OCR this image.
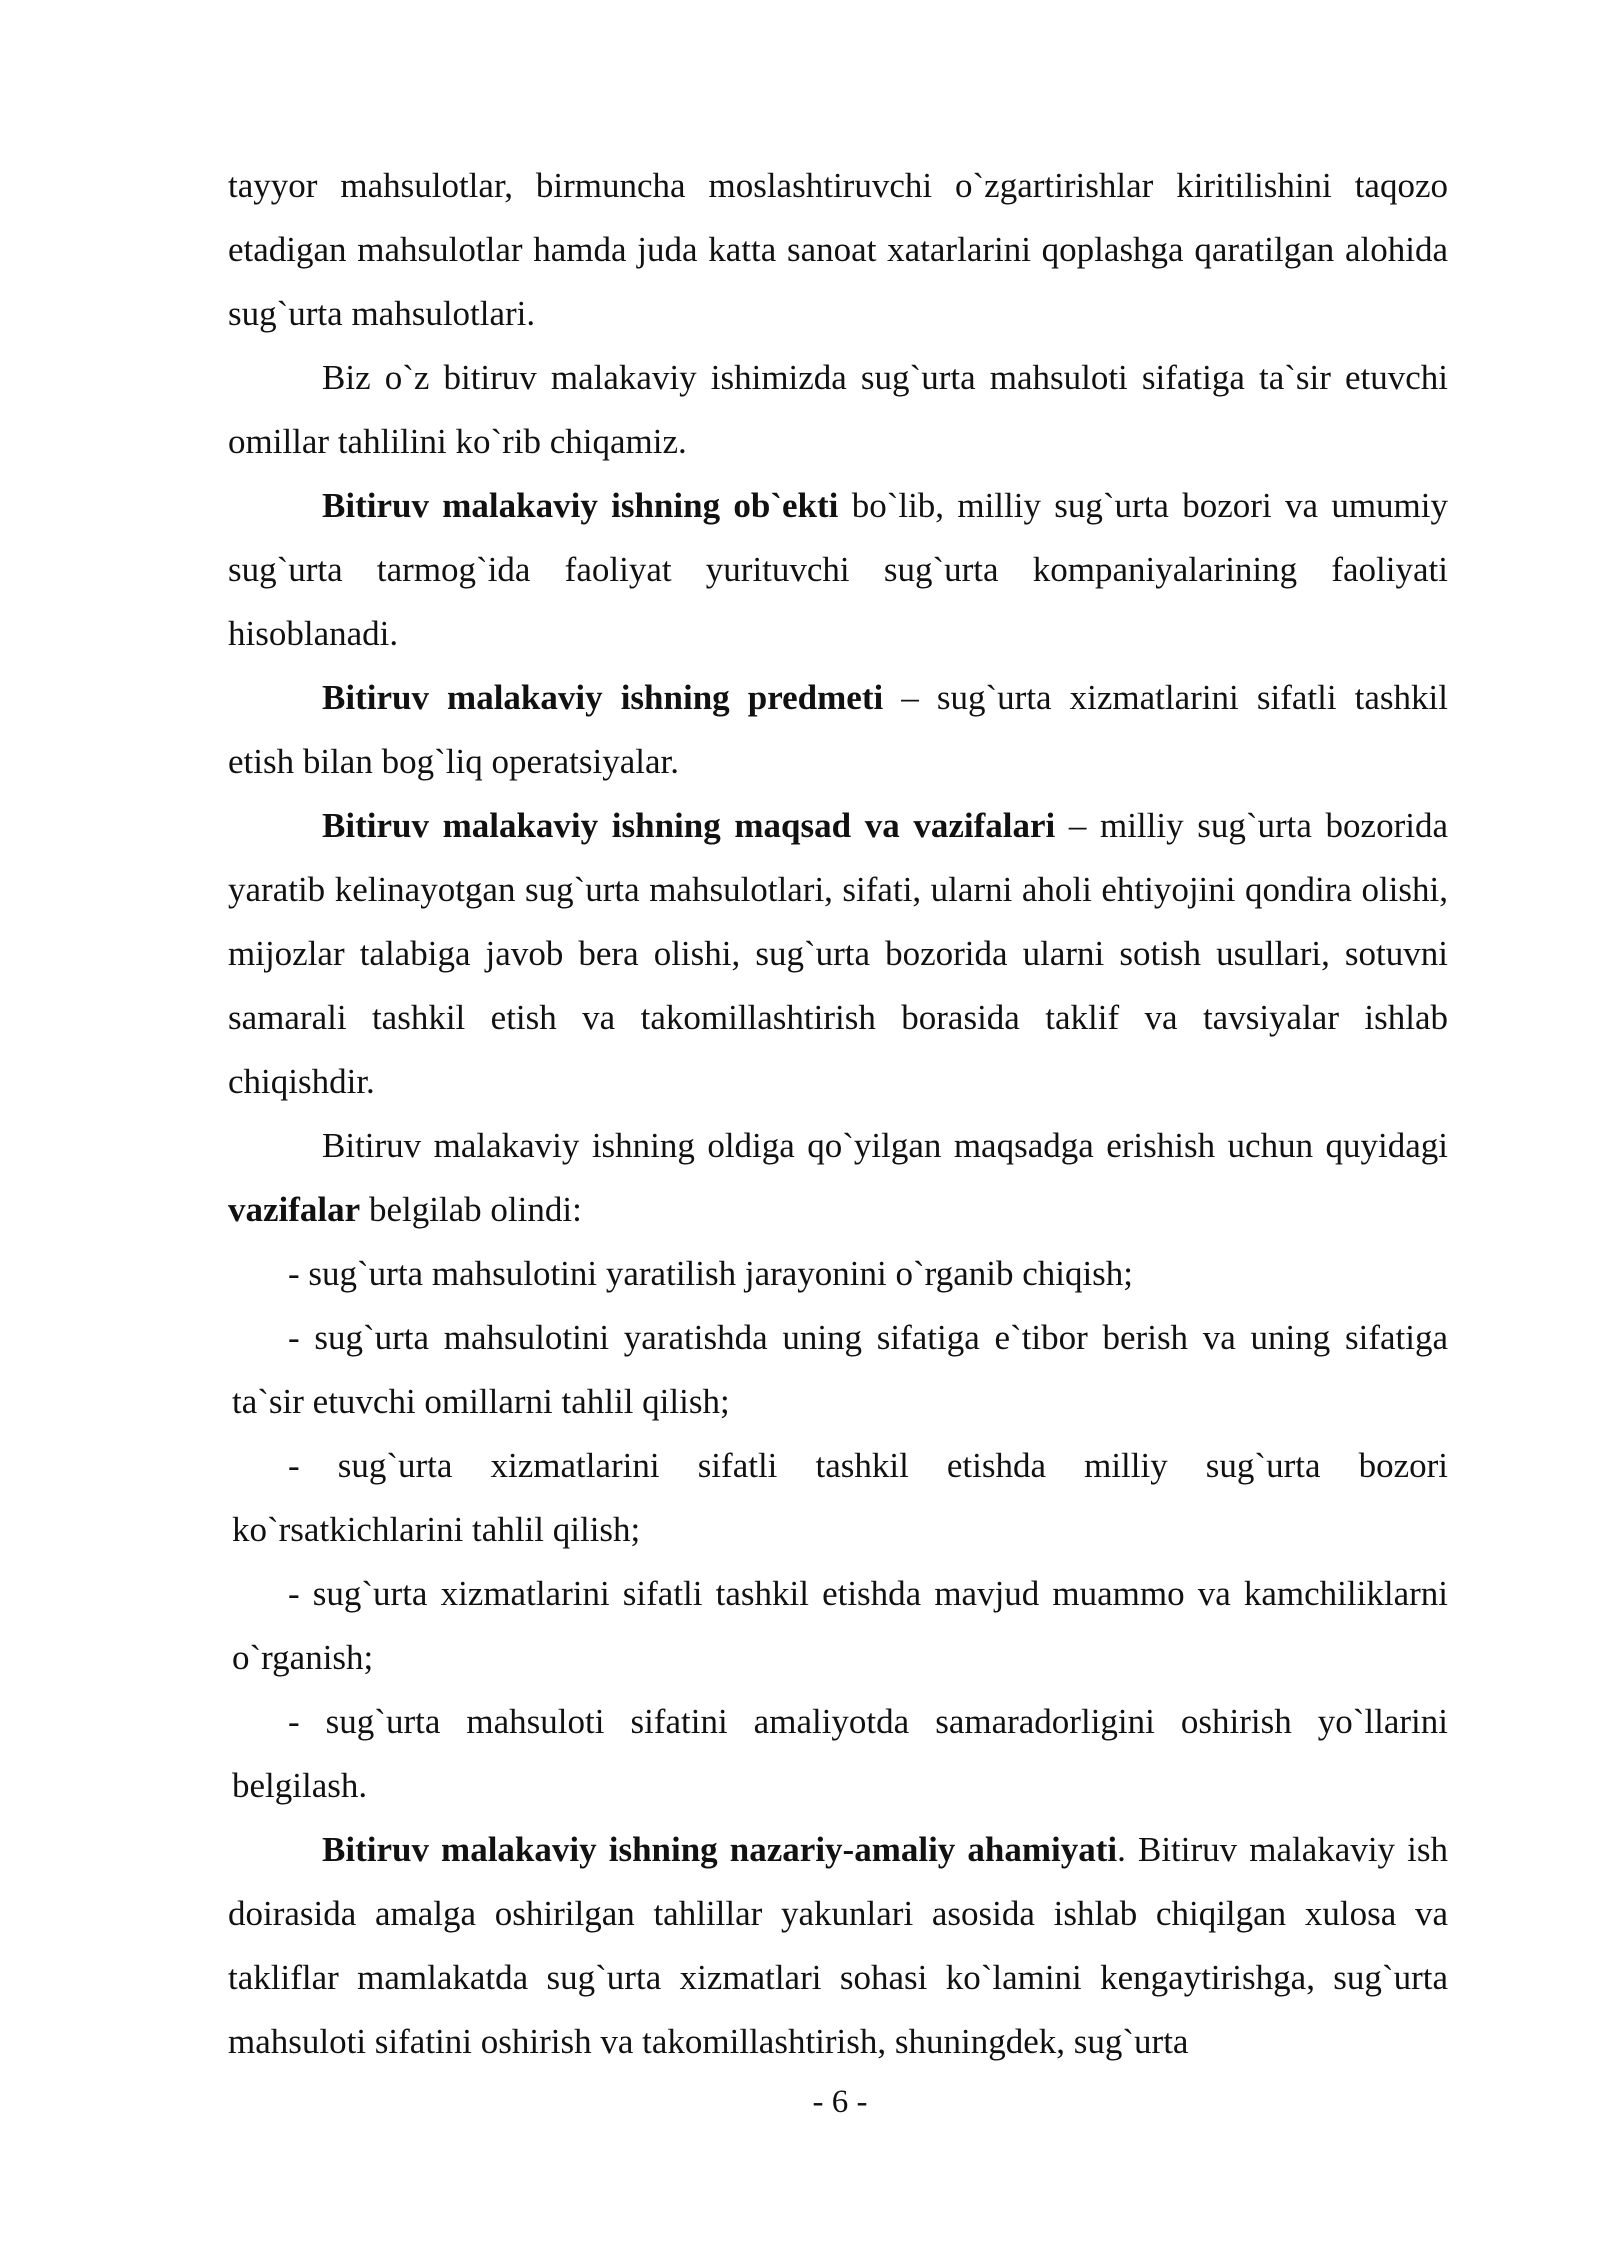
tayyor mahsulotlar, birmuncha moslashtiruvchi o`zgartirishlar kiritilishini taqozo etadigan mahsulotlar hamda juda katta sanoat xatarlarini qoplashga qaratilgan alohida sug`urta mahsulotlari.

Biz o`z bitiruv malakaviy ishimizda sug`urta mahsuloti sifatiga ta`sir etuvchi omillar tahlilini ko`rib chiqamiz.

Bitiruv malakaviy ishning ob`ekti bo`lib, milliy sug`urta bozori va umumiy sug`urta tarmog`ida faoliyat yurituvchi sug`urta kompaniyalarining faoliyati hisoblanadi.

Bitiruv malakaviy ishning predmeti – sug`urta xizmatlarini sifatli tashkil etish bilan bog`liq operatsiyalar.

Bitiruv malakaviy ishning maqsad va vazifalari – milliy sug`urta bozorida yaratib kelinayotgan sug`urta mahsulotlari, sifati, ularni aholi ehtiyojini qondira olishi, mijozlar talabiga javob bera olishi, sug`urta bozorida ularni sotish usullari, sotuvni samarali tashkil etish va takomillashtirish borasida taklif va tavsiyalar ishlab chiqishdir.

Bitiruv malakaviy ishning oldiga qo`yilgan maqsadga erishish uchun quyidagi vazifalar belgilab olindi:

- sug`urta mahsulotini yaratilish jarayonini o`rganib chiqish;

- sug`urta mahsulotini yaratishda uning sifatiga e`tibor berish va uning sifatiga ta`sir etuvchi omillarni tahlil qilish;

- sug`urta xizmatlarini sifatli tashkil etishda milliy sug`urta bozori ko`rsatkichlarini tahlil qilish;

- sug`urta xizmatlarini sifatli tashkil etishda mavjud muammo va kamchiliklarni o`rganish;

- sug`urta mahsuloti sifatini amaliyotda samaradorligini oshirish yo`llarini belgilash.

Bitiruv malakaviy ishning nazariy-amaliy ahamiyati. Bitiruv malakaviy ish doirasida amalga oshirilgan tahlillar yakunlari asosida ishlab chiqilgan xulosa va takliflar mamlakatda sug`urta xizmatlari sohasi ko`lamini kengaytirishga, sug`urta mahsuloti sifatini oshirish va takomillashtirish, shuningdek, sug`urta

- 6 -
